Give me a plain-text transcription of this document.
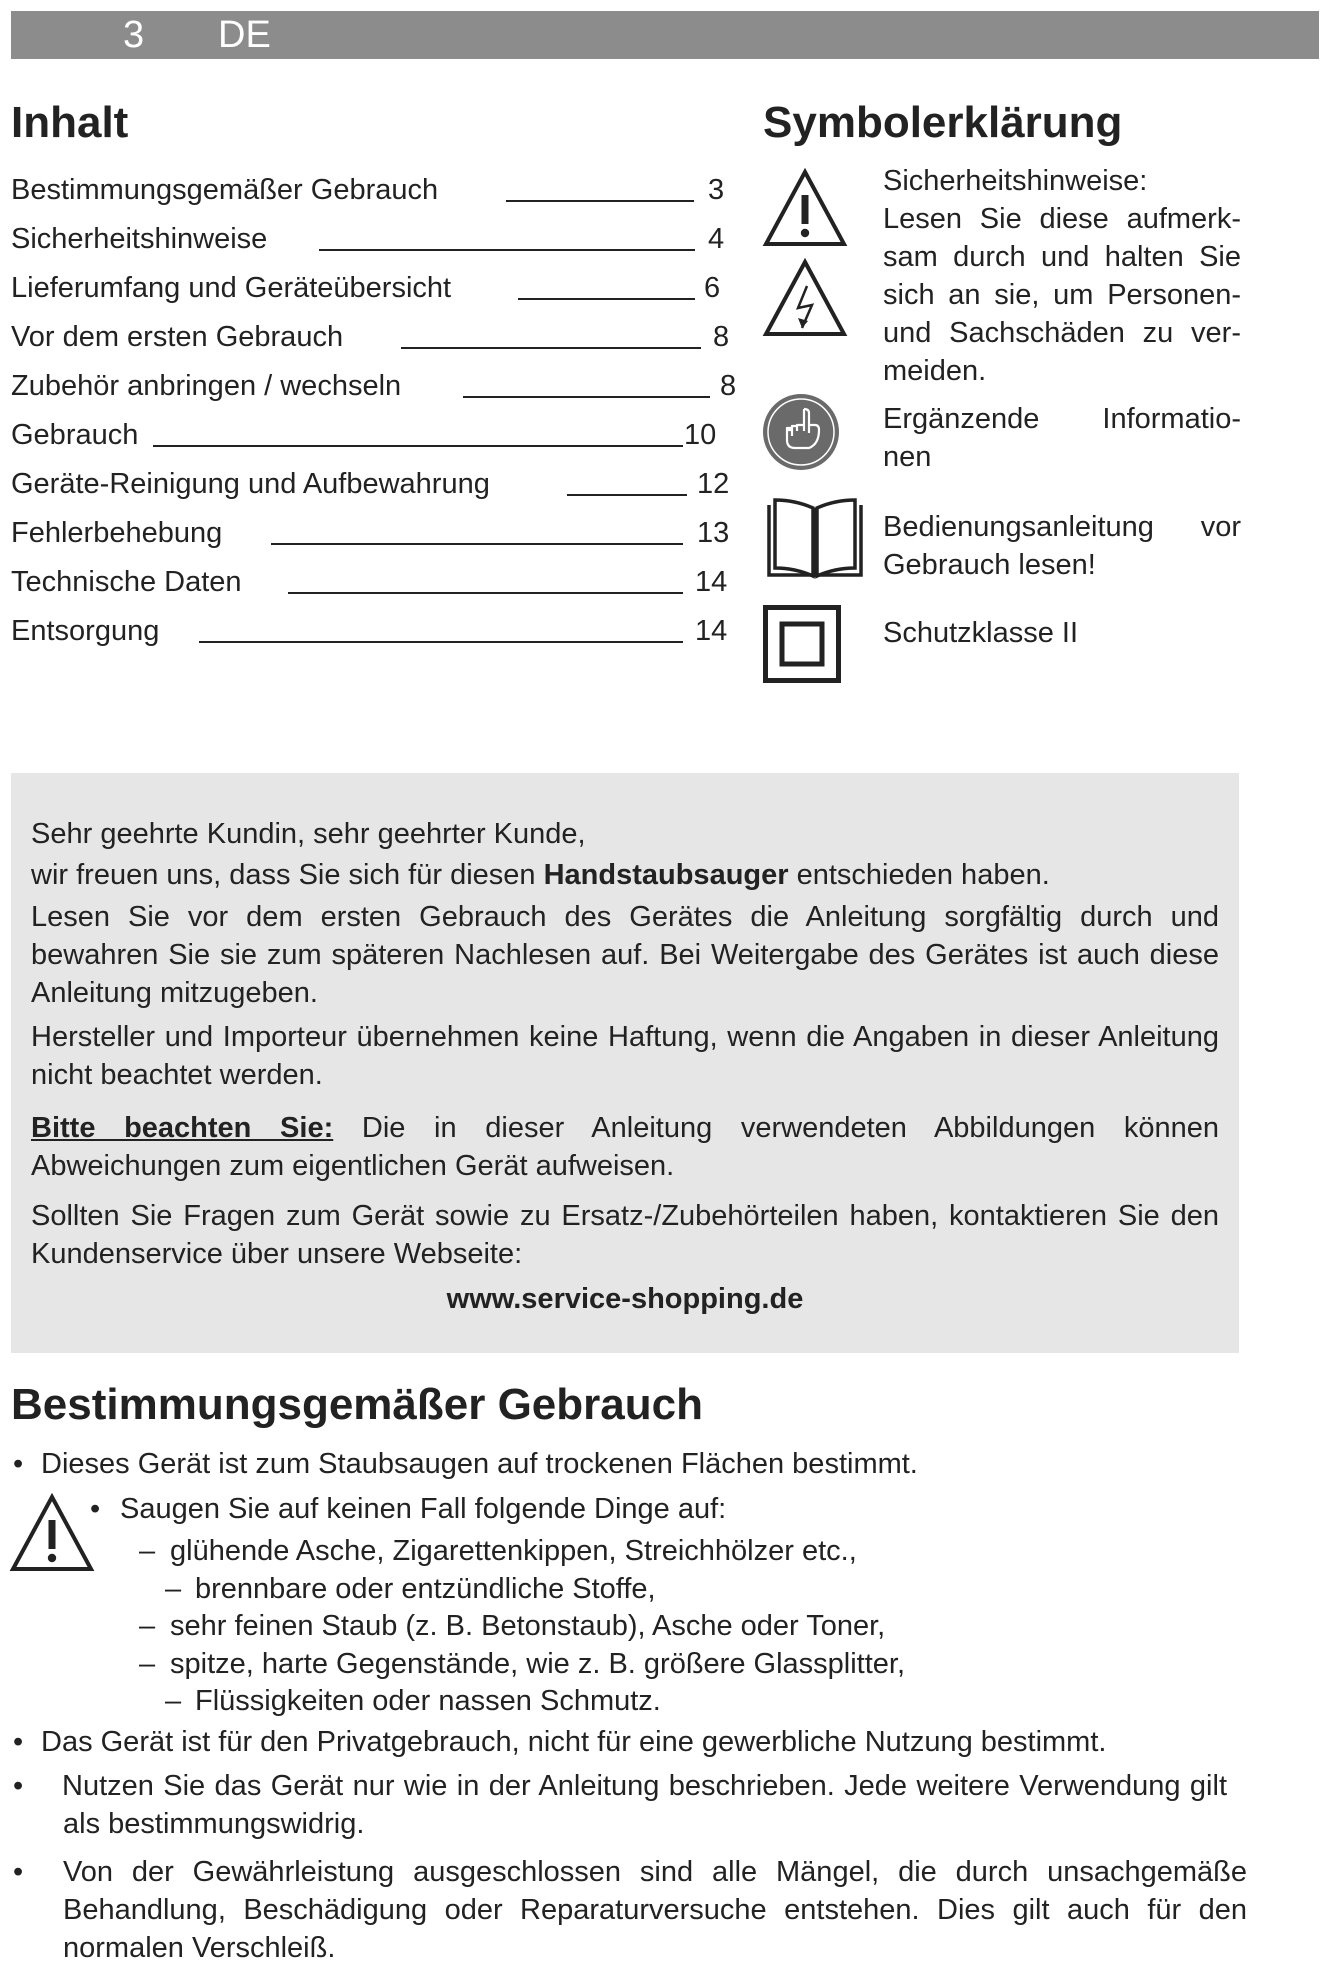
3 DE
Inhalt
Bestimmungsgemäßer Gebrauch	3
Sicherheitshinweise	4
Lieferumfang und Geräteübersicht	6
Vor dem ersten Gebrauch	8
Zubehör anbringen / wechseln	8
Gebrauch	10
Geräte-Reinigung und Aufbewahrung	12
Fehlerbehebung	13
Technische Daten	14
Entsorgung	14
Symbolerklärung
Sicherheitshinweise:
Lesen Sie diese aufmerk-
sam durch und halten Sie
sich an sie, um Personen-
und Sachschäden zu ver-
meiden.
Ergänzende Informatio-
nen
Bedienungsanleitung vor
Gebrauch lesen!
Schutzklasse II

Sehr geehrte Kundin, sehr geehrter Kunde,

wir freuen uns, dass Sie sich für diesen Handstaubsauger entschieden haben.

Lesen Sie vor dem ersten Gebrauch des Gerätes die Anleitung sorgfältig durch und bewahren Sie sie zum späteren Nachlesen auf. Bei Weitergabe des Gerätes ist auch diese Anleitung mitzugeben.

Hersteller und Importeur übernehmen keine Haftung, wenn die Angaben in dieser Anleitung nicht beachtet werden.

Bitte beachten Sie: Die in dieser Anleitung verwendeten Abbildungen können Abweichungen zum eigentlichen Gerät aufweisen.

Sollten Sie Fragen zum Gerät sowie zu Ersatz-/Zubehörteilen haben, kontaktieren Sie den Kundenservice über unsere Webseite:

www.service-shopping.de

Bestimmungsgemäßer Gebrauch
• Dieses Gerät ist zum Staubsaugen auf trockenen Flächen bestimmt.

• Saugen Sie auf keinen Fall folgende Dinge auf:

– glühende Asche, Zigarettenkippen, Streichhölzer etc.,

– brennbare oder entzündliche Stoffe,

– sehr feinen Staub (z. B. Betonstaub), Asche oder Toner,

– spitze, harte Gegenstände, wie z. B. größere Glassplitter,

– Flüssigkeiten oder nassen Schmutz.

• Das Gerät ist für den Privatgebrauch, nicht für eine gewerbliche Nutzung bestimmt.

•	Nutzen Sie das Gerät nur wie in der Anleitung beschrieben. Jede weitere Verwendung gilt als bestimmungswidrig.

• Von der Gewährleistung ausgeschlossen sind alle Mängel, die durch unsachgemäße Behandlung, Beschädigung oder Reparaturversuche entstehen. Dies gilt auch für den normalen Verschleiß.
